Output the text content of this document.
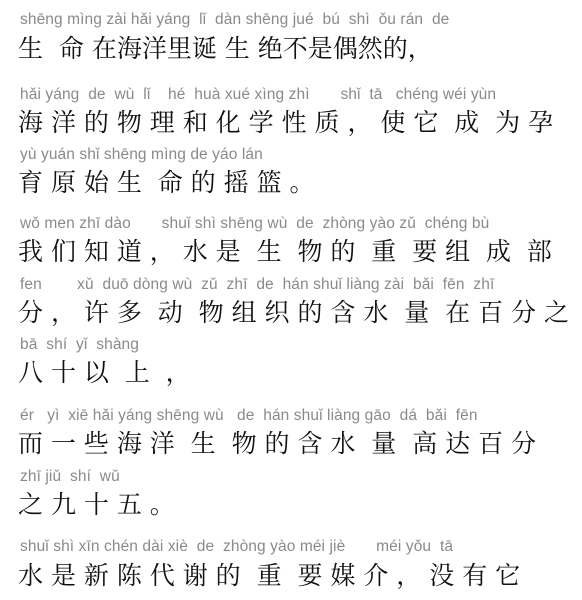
shēng mìng zài hǎi yáng  lǐ  dàn shēng jué  bú  shì  ǒu rán  de
生  命 在海洋里诞 生 绝不是偶然的，
hǎi yáng  de  wù  lǐ    hé  huà xué xìng zhì       shǐ  tā   chéng wéi yùn
海 洋 的 物 理 和 化 学 性 质 ， 使 它  成  为 孕
yù yuán shǐ shēng mìng de yáo lán
育 原 始 生  命 的 摇 篮 。
wǒ men zhī dào       shuǐ shì shēng wù  de  zhòng yào zǔ  chéng bù
我 们 知 道 ， 水 是  生  物 的  重  要 组  成  部
fen        xǔ  duō dòng wù  zǔ  zhī  de  hán shuǐ liàng zài  bǎi  fēn  zhī
分 ， 许 多  动  物 组 织 的 含 水  量  在 百 分 之
bā  shí  yǐ  shàng
八 十 以  上  ，
ér   yì  xiē hǎi yáng shēng wù   de  hán shuǐ liàng gāo  dá  bǎi  fēn
而 一 些 海 洋  生  物 的 含 水  量  高 达 百 分
zhī jiǔ  shí  wǔ
之 九 十 五 。
shuǐ shì xīn chén dài xiè  de  zhòng yào méi jiè       méi yǒu  tā
水 是 新 陈 代 谢 的  重  要 媒 介 ， 没 有 它
